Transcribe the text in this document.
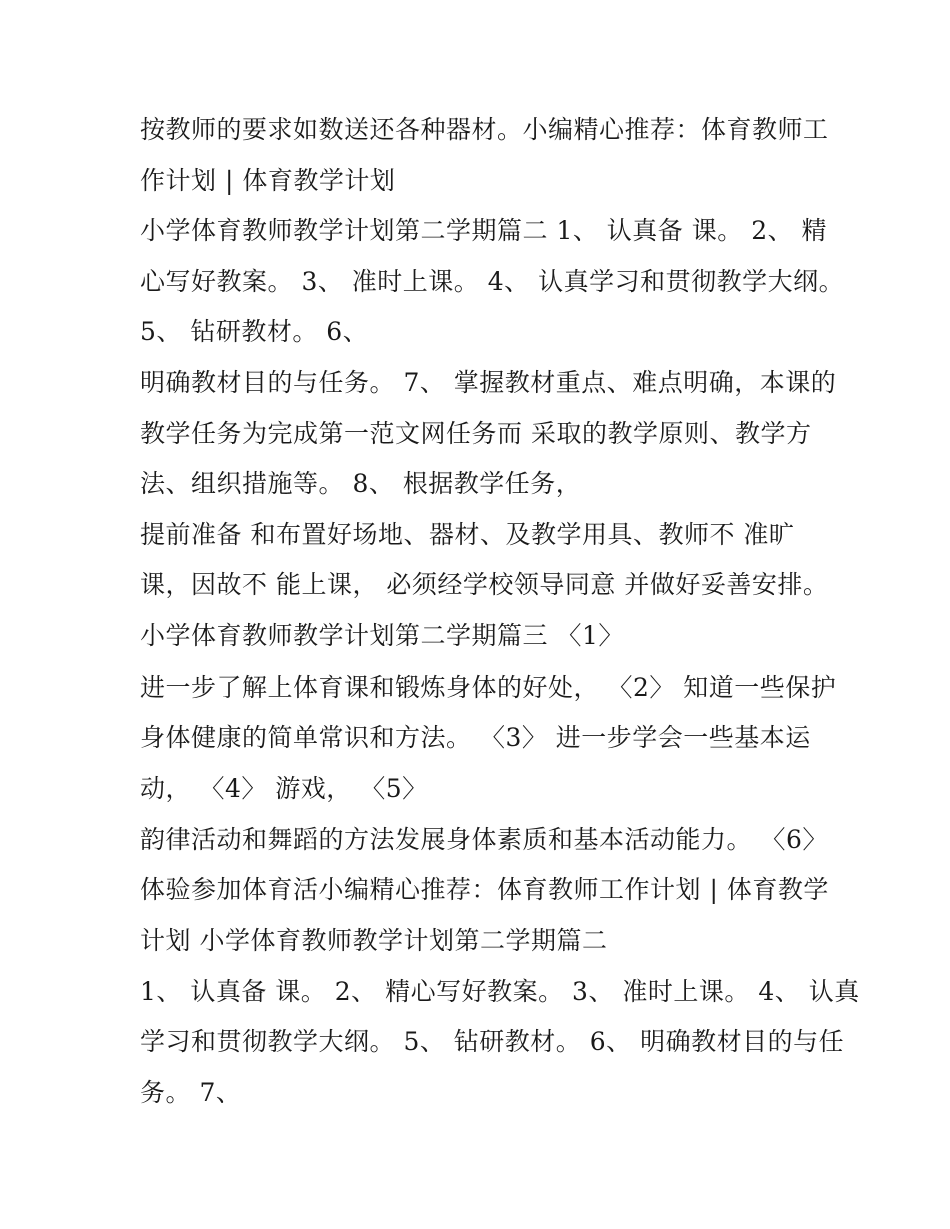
按教师的要求如数送还各种器材。小编精心推荐：体育教师工
作计划 | 体育教学计划
小学体育教师教学计划第二学期篇二 1、 认真备 课。 2、 精
心写好教案。 3、 准时上课。 4、 认真学习和贯彻教学大纲。
5、 钻研教材。 6、
明确教材目的与任务。 7、 掌握教材重点、难点明确，本课的
教学任务为完成第一范文网任务而 采取的教学原则、教学方
法、组织措施等。 8、 根据教学任务，
提前准备 和布置好场地、器材、及教学用具、教师不 准旷
课，因故不 能上课， 必须经学校领导同意 并做好妥善安排。
小学体育教师教学计划第二学期篇三 〈1〉
进一步了解上体育课和锻炼身体的好处， 〈2〉 知道一些保护
身体健康的简单常识和方法。 〈3〉 进一步学会一些基本运
动， 〈4〉 游戏， 〈5〉
韵律活动和舞蹈的方法发展身体素质和基本活动能力。 〈6〉
体验参加体育活小编精心推荐：体育教师工作计划 | 体育教学
计划 小学体育教师教学计划第二学期篇二
1、 认真备 课。 2、 精心写好教案。 3、 准时上课。 4、 认真
学习和贯彻教学大纲。 5、 钻研教材。 6、 明确教材目的与任
务。 7、
